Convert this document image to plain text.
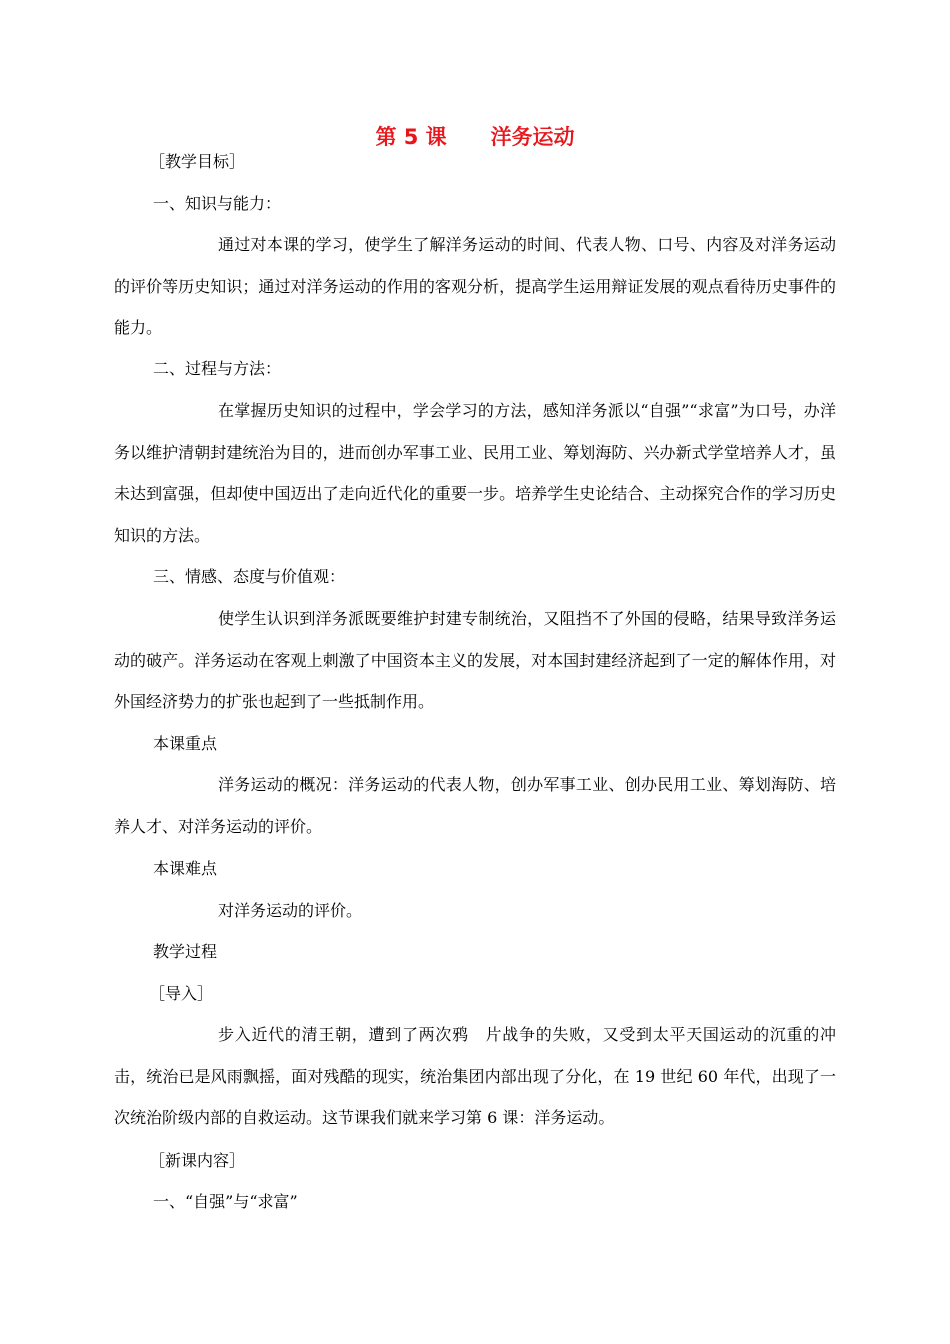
第 5 课      洋务运动
［教学目标］
一、知识与能力：
通过对本课的学习，使学生了解洋务运动的时间、代表人物、口号、内容及对洋务运动的评价等历史知识；通过对洋务运动的作用的客观分析，提高学生运用辩证发展的观点看待历史事件的能力。
二、过程与方法：
在掌握历史知识的过程中，学会学习的方法，感知洋务派以“自强”“求富”为口号，办洋务以维护清朝封建统治为目的，进而创办军事工业、民用工业、筹划海防、兴办新式学堂培养人才，虽未达到富强，但却使中国迈出了走向近代化的重要一步。培养学生史论结合、主动探究合作的学习历史知识的方法。
三、情感、态度与价值观：
使学生认识到洋务派既要维护封建专制统治，又阻挡不了外国的侵略，结果导致洋务运动的破产。洋务运动在客观上刺激了中国资本主义的发展，对本国封建经济起到了一定的解体作用，对外国经济势力的扩张也起到了一些抵制作用。
本课重点
洋务运动的概况：洋务运动的代表人物，创办军事工业、创办民用工业、筹划海防、培养人才、对洋务运动的评价。
本课难点
对洋务运动的评价。
教学过程
［导入］
步入近代的清王朝，遭到了两次鸦　片战争的失败，又受到太平天国运动的沉重的冲击，统治已是风雨飘摇，面对残酷的现实，统治集团内部出现了分化，在 19 世纪 60 年代，出现了一次统治阶级内部的自救运动。这节课我们就来学习第 6 课：洋务运动。
［新课内容］
一、“自强”与“求富”
